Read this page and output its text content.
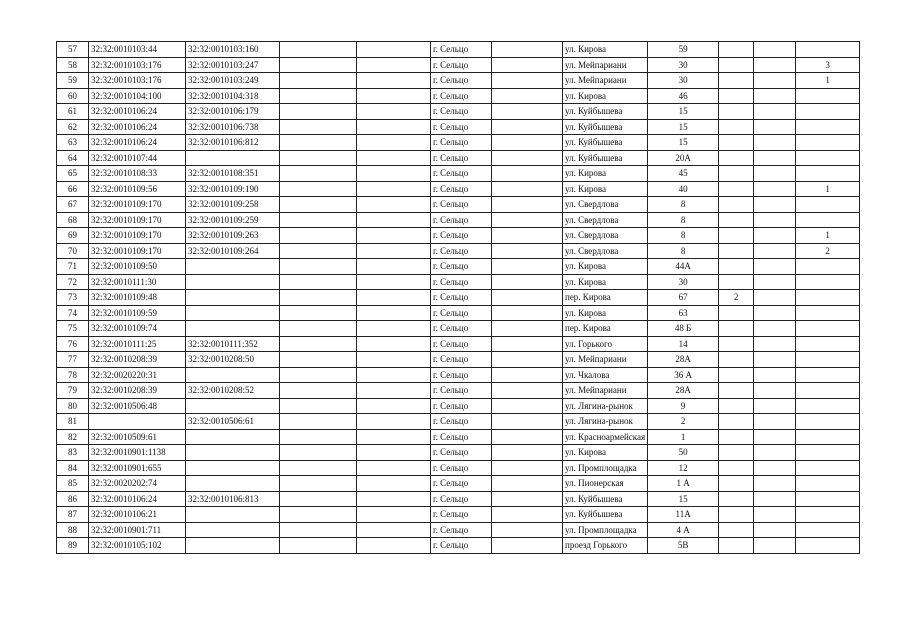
57	32:32:0010103:44	32:32:0010103:160			г. Сельцо		ул. Кирова	59			
58	32:32:0010103:176	32:32:0010103:247			г. Сельцо		ул. Мейпариани	30			3
59	32:32:0010103:176	32:32:0010103:249			г. Сельцо		ул. Мейпариани	30			1
60	32:32:0010104:100	32:32:0010104:318			г. Сельцо		ул. Кирова	46			
61	32:32:0010106:24	32:32:0010106:179			г. Сельцо		ул. Куйбышева	15			
62	32:32:0010106:24	32:32:0010106:738			г. Сельцо		ул. Куйбышева	15			
63	32:32:0010106:24	32:32:0010106:812			г. Сельцо		ул. Куйбышева	15			
64	32:32:0010107:44				г. Сельцо		ул. Куйбышева	20А			
65	32:32:0010108:33	32:32:0010108:351			г. Сельцо		ул. Кирова	45			
66	32:32:0010109:56	32:32:0010109:190			г. Сельцо		ул. Кирова	40			1
67	32:32:0010109:170	32:32:0010109:258			г. Сельцо		ул. Свердлова	8			
68	32:32:0010109:170	32:32:0010109:259			г. Сельцо		ул. Свердлова	8			
69	32:32:0010109:170	32:32:0010109:263			г. Сельцо		ул. Свердлова	8			1
70	32:32:0010109:170	32:32:0010109:264			г. Сельцо		ул. Свердлова	8			2
71	32:32:0010109:50				г. Сельцо		ул. Кирова	44А			
72	32:32:0010111:30				г. Сельцо		ул. Кирова	30			
73	32:32:0010109:48				г. Сельцо		пер. Кирова	67	2		
74	32:32:0010109:59				г. Сельцо		ул. Кирова	63			
75	32:32:0010109:74				г. Сельцо		пер. Кирова	48 Б			
76	32:32:0010111:25	32:32:0010111:352			г. Сельцо		ул. Горького	14			
77	32:32:0010208:39	32:32:0010208:50			г. Сельцо		ул. Мейпариани	28А			
78	32:32:0020220:31				г. Сельцо		ул. Чкалова	36 А			
79	32:32:0010208:39	32:32:0010208:52			г. Сельцо		ул. Мейпариани	28А			
80	32:32:0010506:48				г. Сельцо		ул. Лягина-рынок	9			
81		32:32:0010506:61			г. Сельцо		ул. Лягина-рынок	2			
82	32:32:0010509:61				г. Сельцо		ул. Красноармейская	1			
83	32:32:0010901:1138				г. Сельцо		ул. Кирова	50			
84	32:32:0010901:655				г. Сельцо		ул. Промплощадка	12			
85	32:32:0020202:74				г. Сельцо		ул. Пионерская	1 А			
86	32:32:0010106:24	32:32:0010106:813			г. Сельцо		ул. Куйбышева	15			
87	32:32:0010106:21				г. Сельцо		ул. Куйбышева	11А			
88	32:32:0010901:711				г. Сельцо		ул. Промплощадка	4 А			
89	32:32:0010105:102				г. Сельцо		проезд Горького	5В			
